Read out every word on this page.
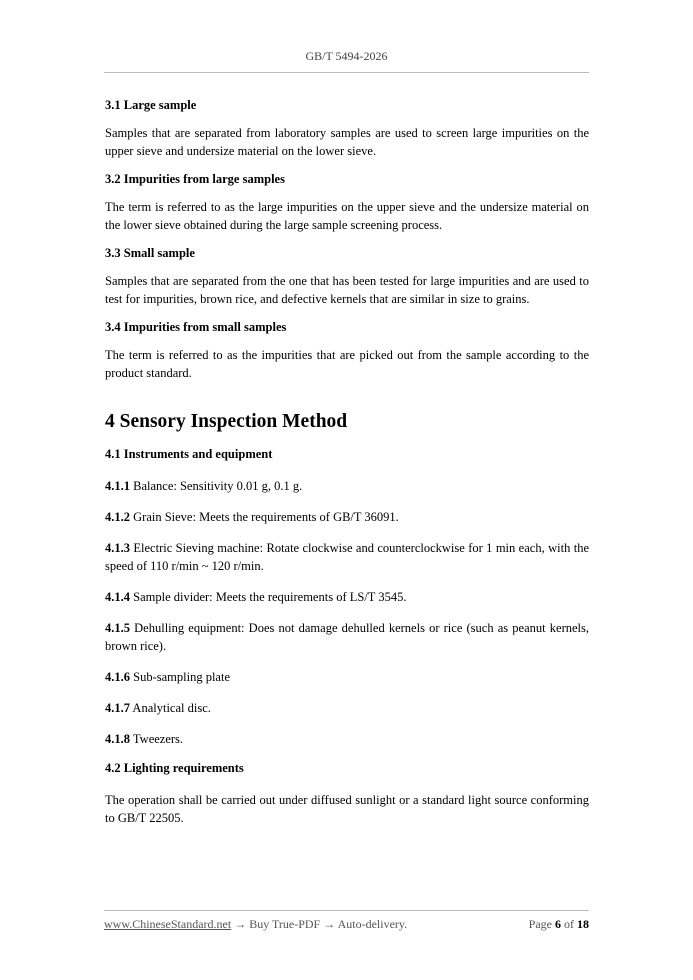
GB/T 5494-2026
3.1 Large sample
Samples that are separated from laboratory samples are used to screen large impurities on the upper sieve and undersize material on the lower sieve.
3.2 Impurities from large samples
The term is referred to as the large impurities on the upper sieve and the undersize material on the lower sieve obtained during the large sample screening process.
3.3 Small sample
Samples that are separated from the one that has been tested for large impurities and are used to test for impurities, brown rice, and defective kernels that are similar in size to grains.
3.4 Impurities from small samples
The term is referred to as the impurities that are picked out from the sample according to the product standard.
4 Sensory Inspection Method
4.1 Instruments and equipment
4.1.1 Balance: Sensitivity 0.01 g, 0.1 g.
4.1.2 Grain Sieve: Meets the requirements of GB/T 36091.
4.1.3 Electric Sieving machine: Rotate clockwise and counterclockwise for 1 min each, with the speed of 110 r/min ~ 120 r/min.
4.1.4 Sample divider: Meets the requirements of LS/T 3545.
4.1.5 Dehulling equipment: Does not damage dehulled kernels or rice (such as peanut kernels, brown rice).
4.1.6 Sub-sampling plate
4.1.7 Analytical disc.
4.1.8 Tweezers.
4.2 Lighting requirements
The operation shall be carried out under diffused sunlight or a standard light source conforming to GB/T 22505.
www.ChineseStandard.net → Buy True-PDF → Auto-delivery.	Page 6 of 18
